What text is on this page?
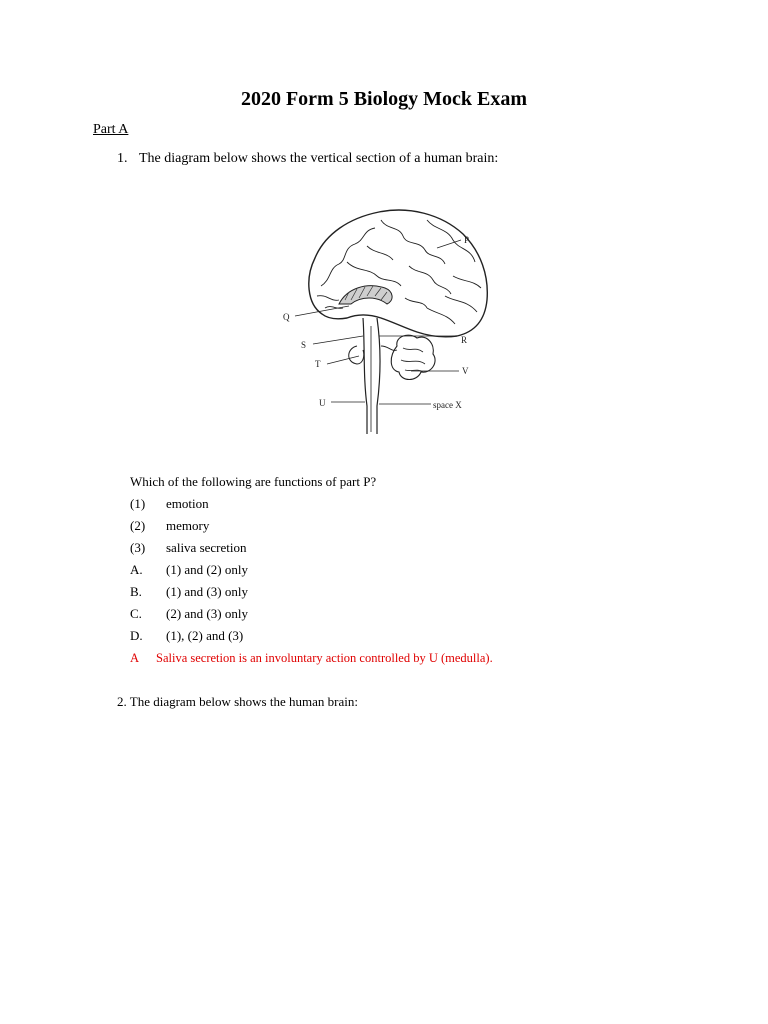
2020 Form 5 Biology Mock Exam
Part A
1. The diagram below shows the vertical section of a human brain:
P
Q
R
S
T
V
U	space X
Which of the following are functions of part P?
(1) emotion
(2) memory
(3) saliva secretion
A. (1) and (2) only
B. (1) and (3) only
C. (2) and (3) only
D. (1), (2) and (3)
A Saliva secretion is an involuntary action controlled by U (medulla).
2. The diagram below shows the human brain:
